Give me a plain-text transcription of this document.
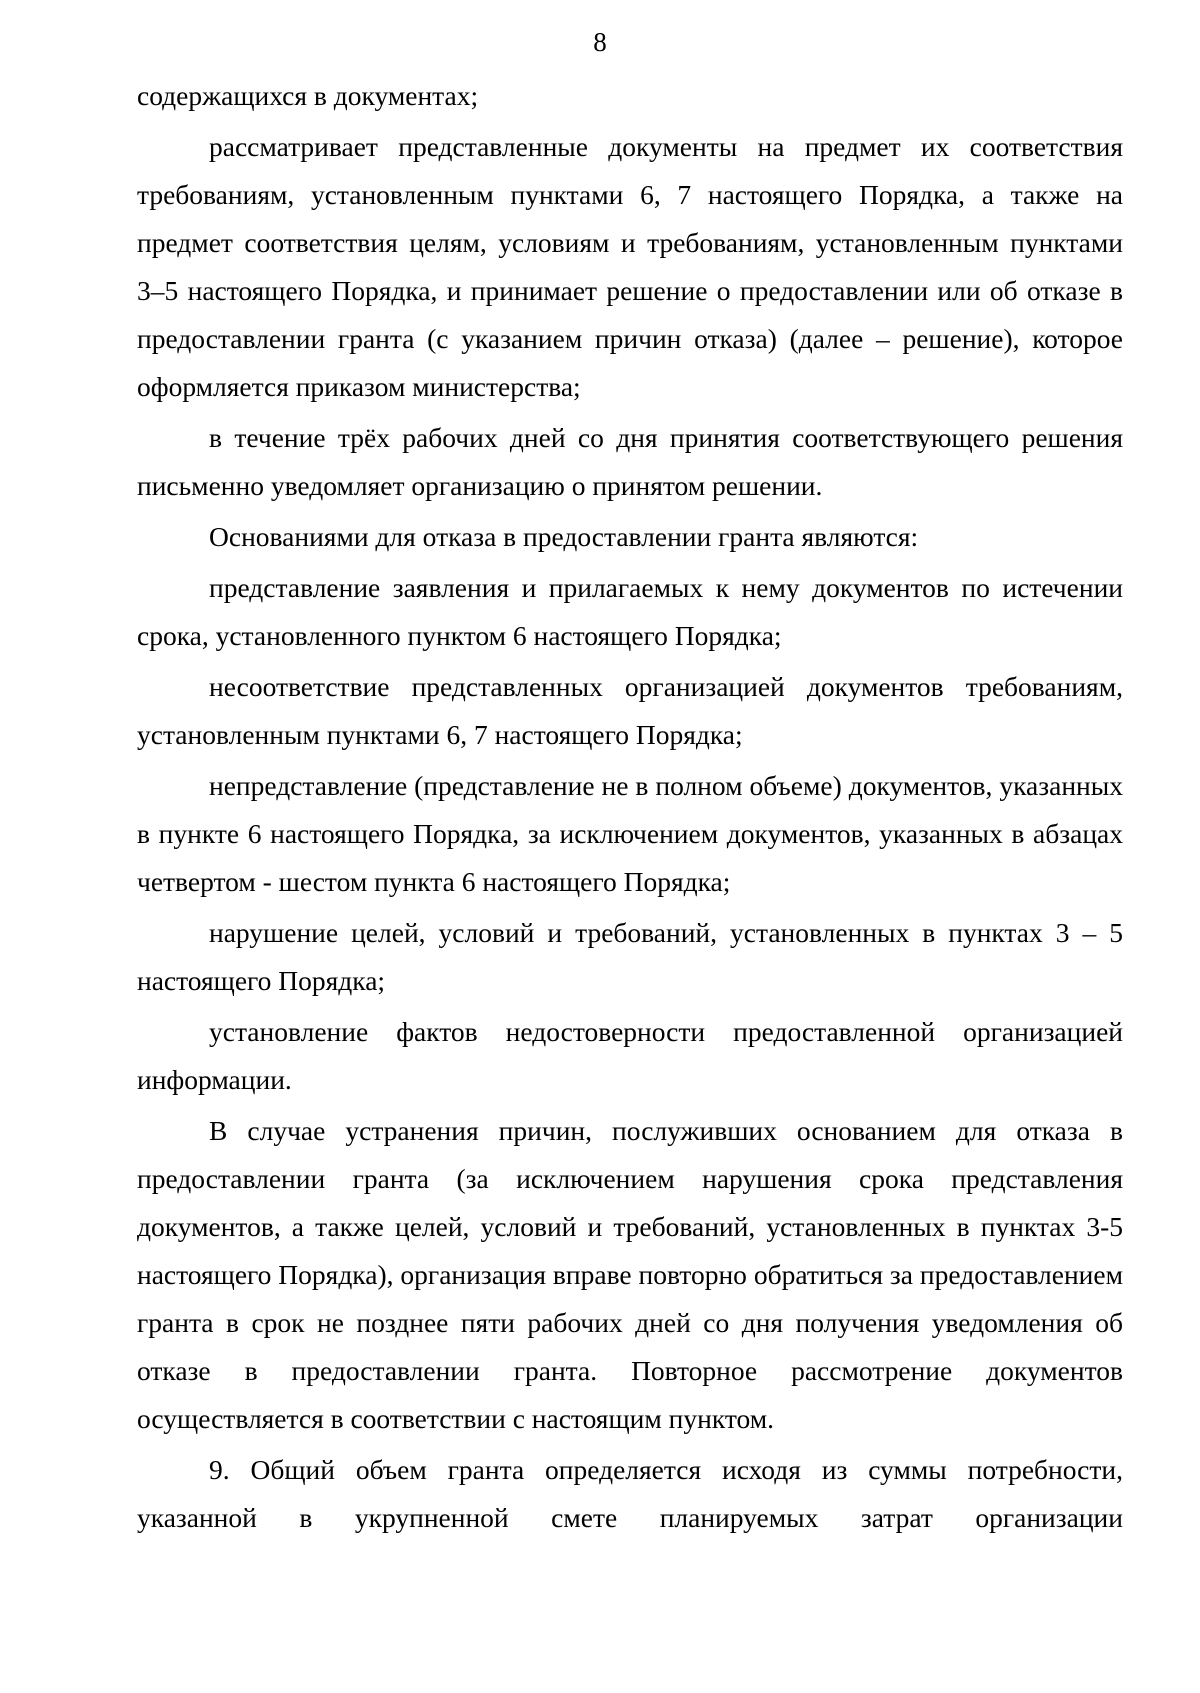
8

содержащихся в документах;

рассматривает представленные документы на предмет их соответствия требованиям, установленным пунктами 6, 7 настоящего Порядка, а также на предмет соответствия целям, условиям и требованиям, установленным пунктами 3–5 настоящего Порядка, и принимает решение о предоставлении или об отказе в предоставлении гранта (с указанием причин отказа) (далее – решение), которое оформляется приказом министерства;

в течение трёх рабочих дней со дня принятия соответствующего решения письменно уведомляет организацию о принятом решении.

Основаниями для отказа в предоставлении гранта являются:

представление заявления и прилагаемых к нему документов по истечении срока, установленного пунктом 6 настоящего Порядка;

несоответствие представленных организацией документов требованиям, установленным пунктами 6, 7 настоящего Порядка;

непредставление (представление не в полном объеме) документов, указанных в пункте 6 настоящего Порядка, за исключением документов, указанных в абзацах четвертом - шестом пункта 6 настоящего Порядка;

нарушение целей, условий и требований, установленных в пунктах 3 – 5 настоящего Порядка;

установление фактов недостоверности предоставленной организацией информации.

В случае устранения причин, послуживших основанием для отказа в предоставлении гранта (за исключением нарушения срока представления документов, а также целей, условий и требований, установленных в пунктах 3-5 настоящего Порядка), организация вправе повторно обратиться за предоставлением гранта в срок не позднее пяти рабочих дней со дня получения уведомления об отказе в предоставлении гранта. Повторное рассмотрение документов осуществляется в соответствии с настоящим пунктом.

9. Общий объем гранта определяется исходя из суммы потребности, указанной в укрупненной смете планируемых затрат организации
